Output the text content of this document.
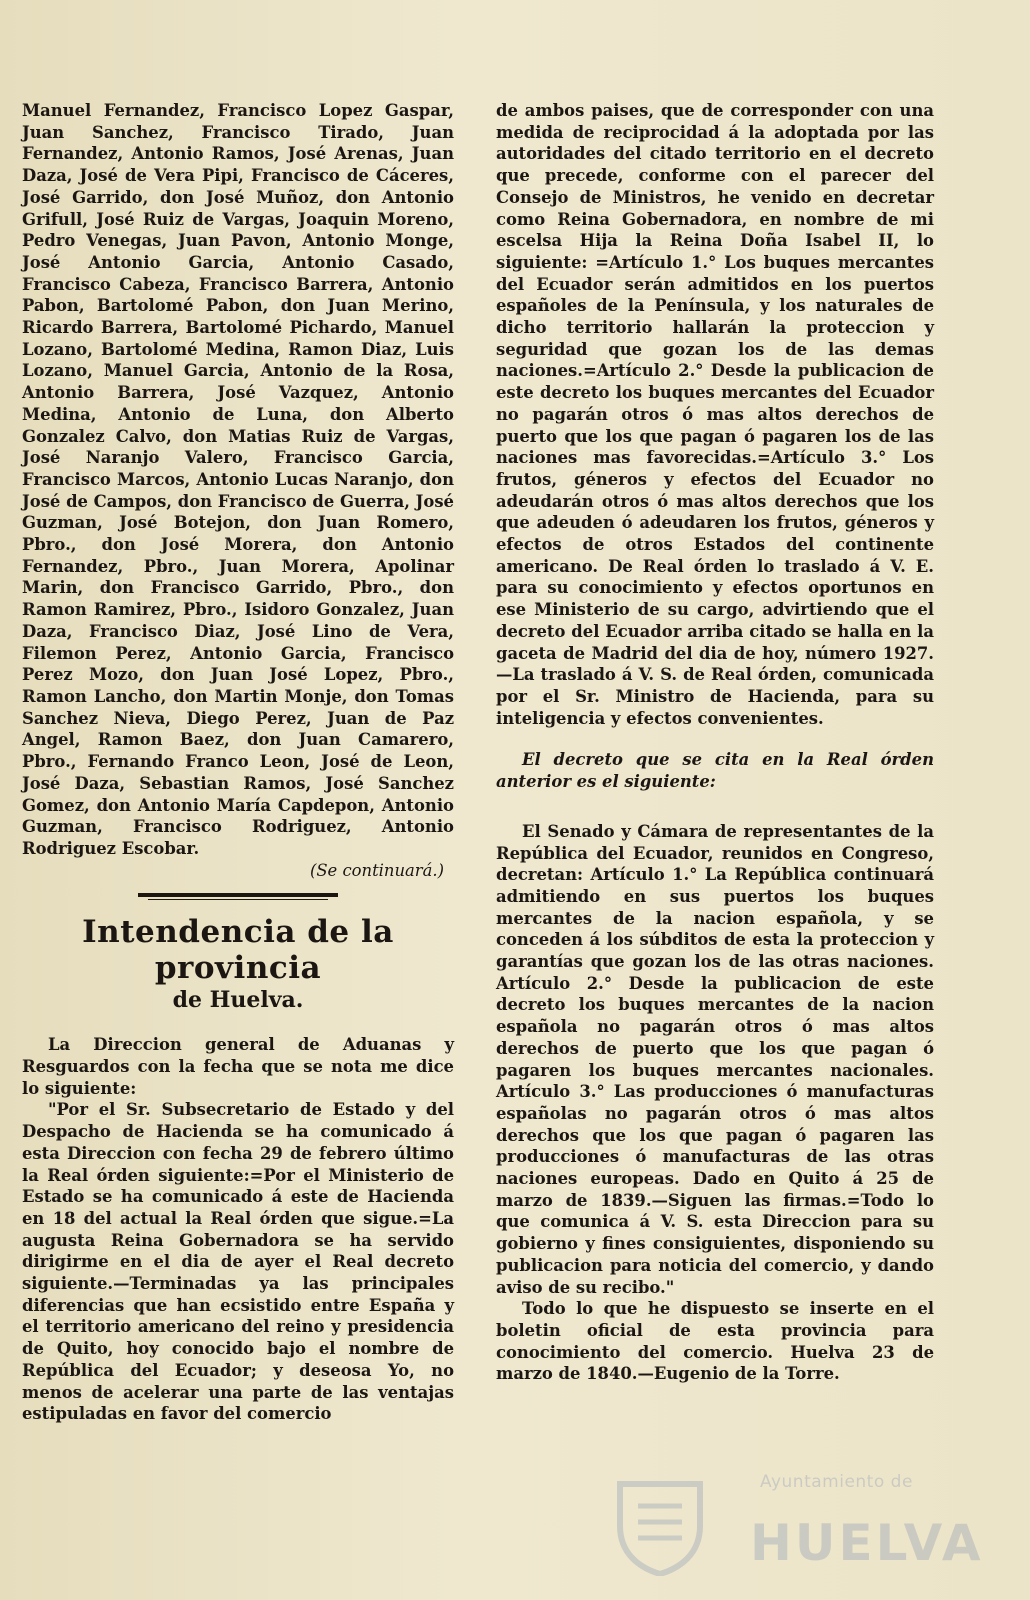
Manuel Fernandez, Francisco Lopez Gaspar, Juan Sanchez, Francisco Tirado, Juan Fernandez, Antonio Ramos, José Arenas, Juan Daza, José de Vera Pipi, Francisco de Cáceres, José Garrido, don José Muñoz, don Antonio Grifull, José Ruiz de Vargas, Joaquin Moreno, Pedro Venegas, Juan Pavon, Antonio Monge, José Antonio Garcia, Antonio Casado, Francisco Cabeza, Francisco Barrera, Antonio Pabon, Bartolomé Pabon, don Juan Merino, Ricardo Barrera, Bartolomé Pichardo, Manuel Lozano, Bartolomé Medina, Ramon Diaz, Luis Lozano, Manuel Garcia, Antonio de la Rosa, Antonio Barrera, José Vazquez, Antonio Medina, Antonio de Luna, don Alberto Gonzalez Calvo, don Matias Ruiz de Vargas, José Naranjo Valero, Francisco Garcia, Francisco Marcos, Antonio Lucas Naranjo, don José de Campos, don Francisco de Guerra, José Guzman, José Botejon, don Juan Romero, Pbro., don José Morera, don Antonio Fernandez, Pbro., Juan Morera, Apolinar Marin, don Francisco Garrido, Pbro., don Ramon Ramirez, Pbro., Isidoro Gonzalez, Juan Daza, Francisco Diaz, José Lino de Vera, Filemon Perez, Antonio Garcia, Francisco Perez Mozo, don Juan José Lopez, Pbro., Ramon Lancho, don Martin Monje, don Tomas Sanchez Nieva, Diego Perez, Juan de Paz Angel, Ramon Baez, don Juan Camarero, Pbro., Fernando Franco Leon, José de Leon, José Daza, Sebastian Ramos, José Sanchez Gomez, don Antonio María Capdepon, Antonio Guzman, Francisco Rodriguez, Antonio Rodriguez Escobar.

(Se continuará.)

Intendencia de la provincia
de Huelva.

La Direccion general de Aduanas y Resguardos con la fecha que se nota me dice lo siguiente:

"Por el Sr. Subsecretario de Estado y del Despacho de Hacienda se ha comunicado á esta Direccion con fecha 29 de febrero último la Real órden siguiente:=Por el Ministerio de Estado se ha comunicado á este de Hacienda en 18 del actual la Real órden que sigue.=La augusta Reina Gobernadora se ha servido dirigirme en el dia de ayer el Real decreto siguiente.—Terminadas ya las principales diferencias que han ecsistido entre España y el territorio americano del reino y presidencia de Quito, hoy conocido bajo el nombre de República del Ecuador; y deseosa Yo, no menos de acelerar una parte de las ventajas estipuladas en favor del comercio

de ambos paises, que de corresponder con una medida de reciprocidad á la adoptada por las autoridades del citado territorio en el decreto que precede, conforme con el parecer del Consejo de Ministros, he venido en decretar como Reina Gobernadora, en nombre de mi escelsa Hija la Reina Doña Isabel II, lo siguiente: =Artículo 1.° Los buques mercantes del Ecuador serán admitidos en los puertos españoles de la Península, y los naturales de dicho territorio hallarán la proteccion y seguridad que gozan los de las demas naciones.=Artículo 2.° Desde la publicacion de este decreto los buques mercantes del Ecuador no pagarán otros ó mas altos derechos de puerto que los que pagan ó pagaren los de las naciones mas favorecidas.=Artículo 3.° Los frutos, géneros y efectos del Ecuador no adeudarán otros ó mas altos derechos que los que adeuden ó adeudaren los frutos, géneros y efectos de otros Estados del continente americano. De Real órden lo traslado á V. E. para su conocimiento y efectos oportunos en ese Ministerio de su cargo, advirtiendo que el decreto del Ecuador arriba citado se halla en la gaceta de Madrid del dia de hoy, número 1927.—La traslado á V. S. de Real órden, comunicada por el Sr. Ministro de Hacienda, para su inteligencia y efectos convenientes.

El decreto que se cita en la Real órden anterior es el siguiente:

El Senado y Cámara de representantes de la República del Ecuador, reunidos en Congreso, decretan: Artículo 1.° La República continuará admitiendo en sus puertos los buques mercantes de la nacion española, y se conceden á los súbditos de esta la proteccion y garantías que gozan los de las otras naciones. Artículo 2.° Desde la publicacion de este decreto los buques mercantes de la nacion española no pagarán otros ó mas altos derechos de puerto que los que pagan ó pagaren los buques mercantes nacionales. Artículo 3.° Las producciones ó manufacturas españolas no pagarán otros ó mas altos derechos que los que pagan ó pagaren las producciones ó manufacturas de las otras naciones europeas. Dado en Quito á 25 de marzo de 1839.—Siguen las firmas.=Todo lo que comunica á V. S. esta Direccion para su gobierno y fines consiguientes, disponiendo su publicacion para noticia del comercio, y dando aviso de su recibo."

Todo lo que he dispuesto se inserte en el boletin oficial de esta provincia para conocimiento del comercio. Huelva 23 de marzo de 1840.—Eugenio de la Torre.

Ayuntamiento de
HUELVA
